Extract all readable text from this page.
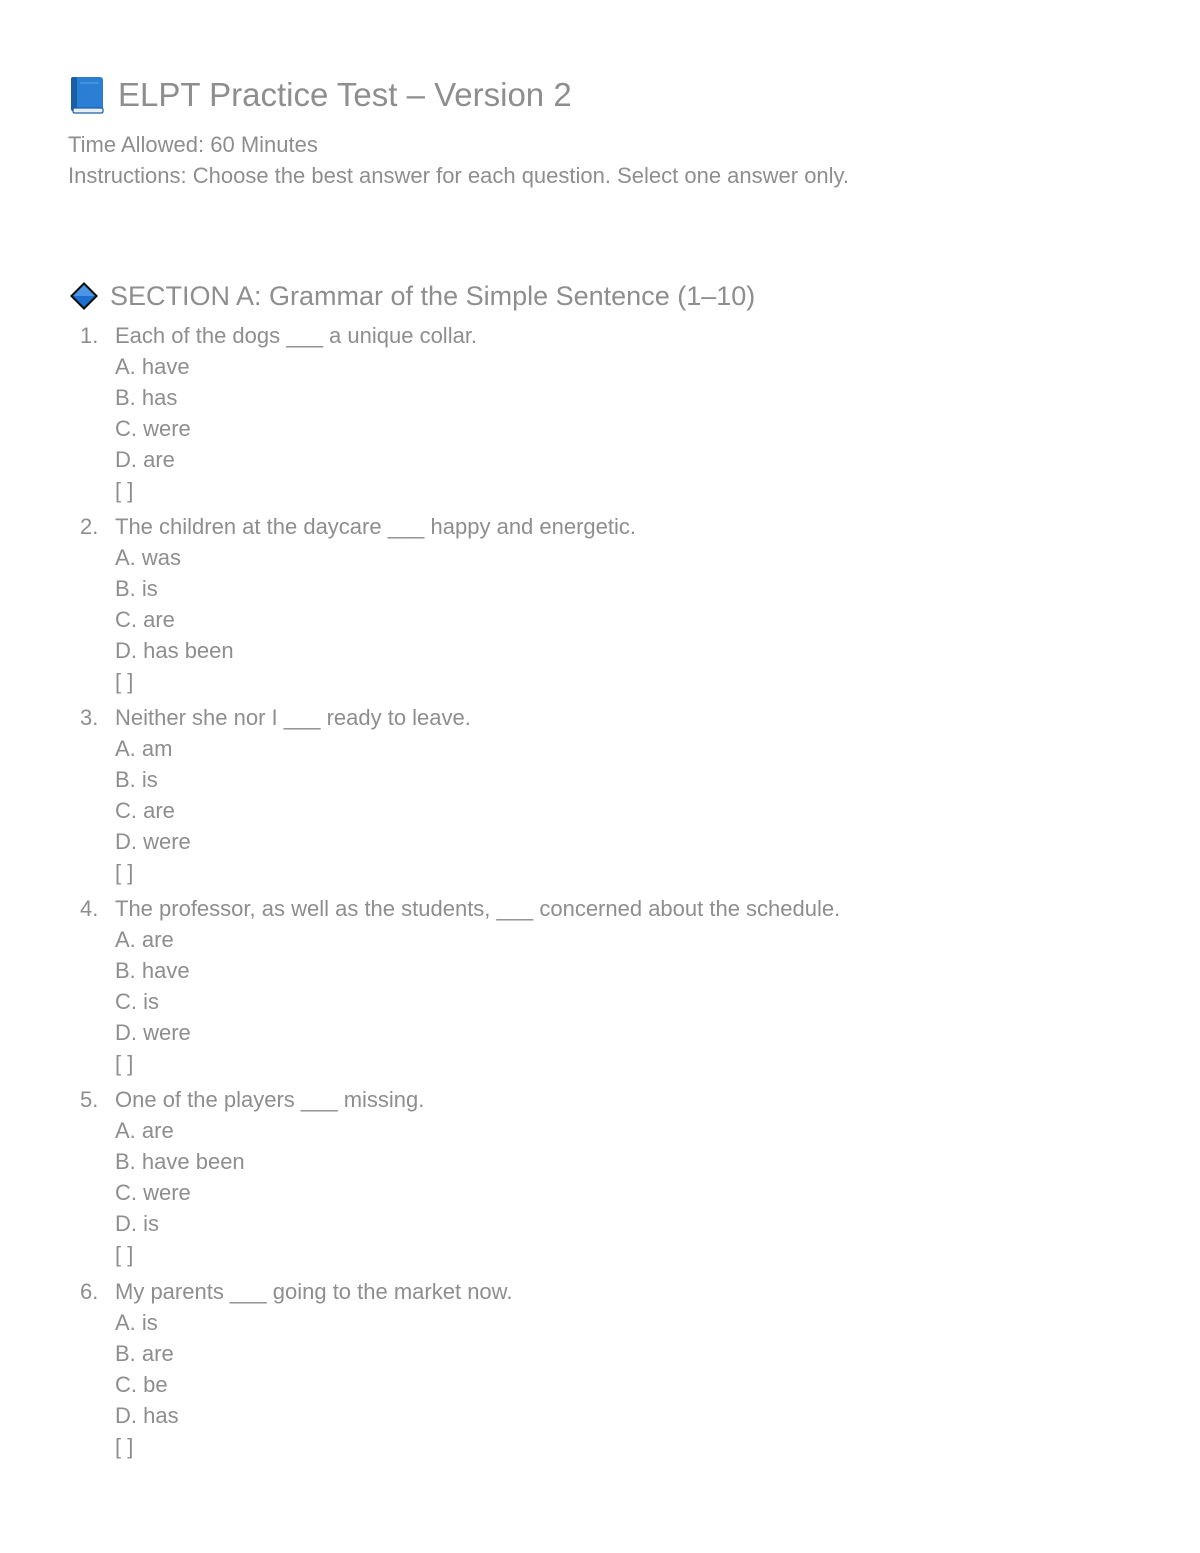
ELPT Practice Test – Version 2
Time Allowed: 60 Minutes
Instructions: Choose the best answer for each question. Select one answer only.
SECTION A: Grammar of the Simple Sentence (1–10)
1. Each of the dogs ___ a unique collar.
A. have
B. has
C. were
D. are
[ ]
2. The children at the daycare ___ happy and energetic.
A. was
B. is
C. are
D. has been
[ ]
3. Neither she nor I ___ ready to leave.
A. am
B. is
C. are
D. were
[ ]
4. The professor, as well as the students, ___ concerned about the schedule.
A. are
B. have
C. is
D. were
[ ]
5. One of the players ___ missing.
A. are
B. have been
C. were
D. is
[ ]
6. My parents ___ going to the market now.
A. is
B. are
C. be
D. has
[ ]
